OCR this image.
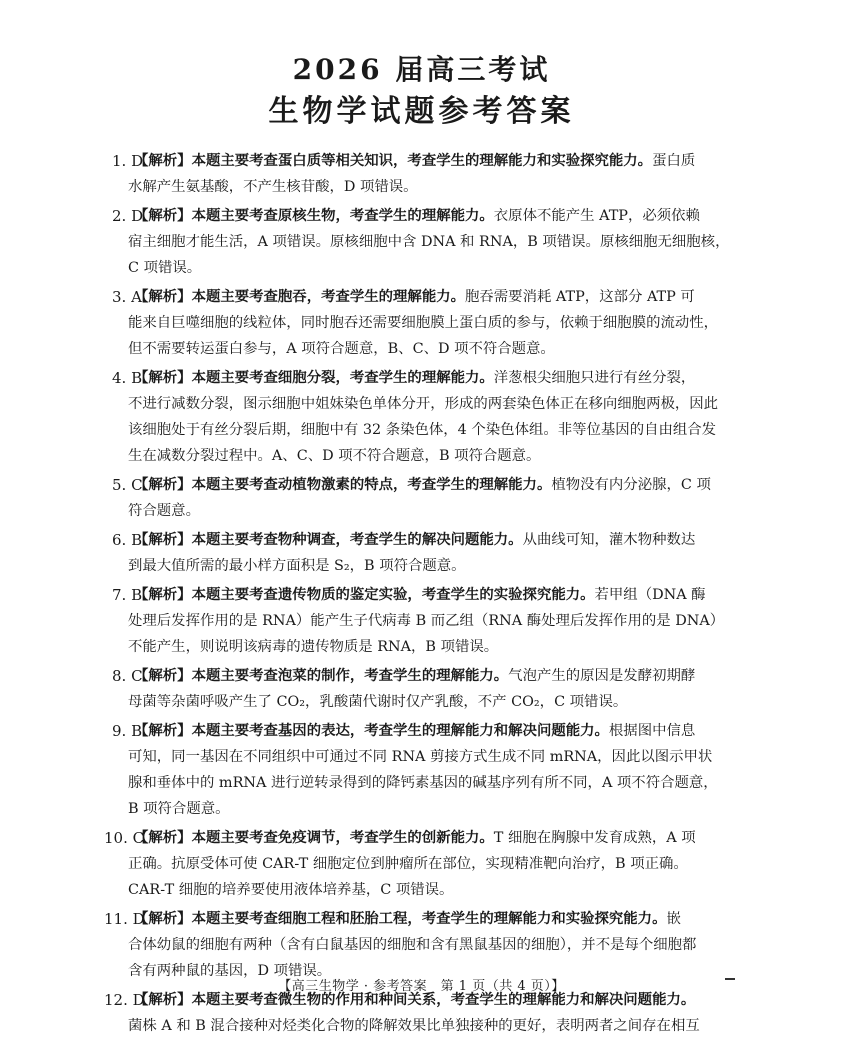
2026 届高三考试
生物学试题参考答案
1. D
【解析】本题主要考查蛋白质等相关知识，考查学生的理解能力和实验探究能力。蛋白质
水解产生氨基酸，不产生核苷酸，D 项错误。
2. D
【解析】本题主要考查原核生物，考查学生的理解能力。衣原体不能产生 ATP，必须依赖
宿主细胞才能生活，A 项错误。原核细胞中含 DNA 和 RNA，B 项错误。原核细胞无细胞核，
C 项错误。
3. A
【解析】本题主要考查胞吞，考查学生的理解能力。胞吞需要消耗 ATP，这部分 ATP 可
能来自巨噬细胞的线粒体，同时胞吞还需要细胞膜上蛋白质的参与，依赖于细胞膜的流动性，
但不需要转运蛋白参与，A 项符合题意，B、C、D 项不符合题意。
4. B
【解析】本题主要考查细胞分裂，考查学生的理解能力。洋葱根尖细胞只进行有丝分裂，
不进行减数分裂，图示细胞中姐妹染色单体分开，形成的两套染色体正在移向细胞两极，因此
该细胞处于有丝分裂后期，细胞中有 32 条染色体，4 个染色体组。非等位基因的自由组合发
生在减数分裂过程中。A、C、D 项不符合题意，B 项符合题意。
5. C
【解析】本题主要考查动植物激素的特点，考查学生的理解能力。植物没有内分泌腺，C 项
符合题意。
6. B
【解析】本题主要考查物种调查，考查学生的解决问题能力。从曲线可知，灌木物种数达
到最大值所需的最小样方面积是 S₂，B 项符合题意。
7. B
【解析】本题主要考查遗传物质的鉴定实验，考查学生的实验探究能力。若甲组（DNA 酶
处理后发挥作用的是 RNA）能产生子代病毒 B 而乙组（RNA 酶处理后发挥作用的是 DNA）
不能产生，则说明该病毒的遗传物质是 RNA，B 项错误。
8. C
【解析】本题主要考查泡菜的制作，考查学生的理解能力。气泡产生的原因是发酵初期酵
母菌等杂菌呼吸产生了 CO₂，乳酸菌代谢时仅产乳酸，不产 CO₂，C 项错误。
9. B
【解析】本题主要考查基因的表达，考查学生的理解能力和解决问题能力。根据图中信息
可知，同一基因在不同组织中可通过不同 RNA 剪接方式生成不同 mRNA，因此以图示甲状
腺和垂体中的 mRNA 进行逆转录得到的降钙素基因的碱基序列有所不同，A 项不符合题意，
B 项符合题意。
10. C
【解析】本题主要考查免疫调节，考查学生的创新能力。T 细胞在胸腺中发育成熟，A 项
正确。抗原受体可使 CAR-T 细胞定位到肿瘤所在部位，实现精准靶向治疗，B 项正确。
CAR-T 细胞的培养要使用液体培养基，C 项错误。
11. D
【解析】本题主要考查细胞工程和胚胎工程，考查学生的理解能力和实验探究能力。嵌
合体幼鼠的细胞有两种（含有白鼠基因的细胞和含有黑鼠基因的细胞），并不是每个细胞都
含有两种鼠的基因，D 项错误。
12. D
【解析】本题主要考查微生物的作用和种间关系，考查学生的理解能力和解决问题能力。
菌株 A 和 B 混合接种对烃类化合物的降解效果比单独接种的更好，表明两者之间存在相互
【高三生物学 · 参考答案　第 1 页（共 4 页）】
